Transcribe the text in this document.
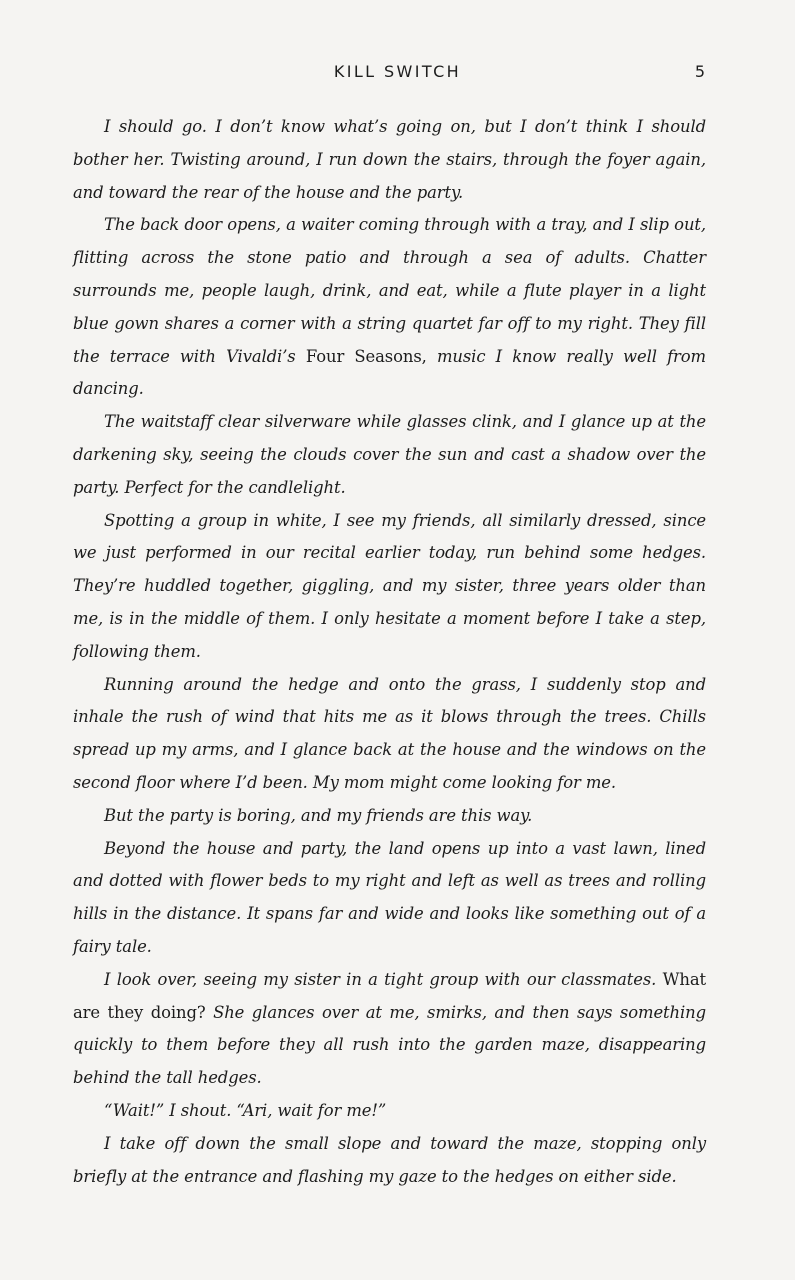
KILL SWITCH	5

I should go. I don’t know what’s going on, but I don’t think I should bother her. Twisting around, I run down the stairs, through the foyer again, and toward the rear of the house and the party.

The back door opens, a waiter coming through with a tray, and I slip out, flitting across the stone patio and through a sea of adults. Chatter surrounds me, people laugh, drink, and eat, while a flute player in a light blue gown shares a corner with a string quartet far off to my right. They fill the terrace with Vivaldi’s Four Seasons, music I know really well from dancing.

The waitstaff clear silverware while glasses clink, and I glance up at the darkening sky, seeing the clouds cover the sun and cast a shadow over the party. Perfect for the candlelight.

Spotting a group in white, I see my friends, all similarly dressed, since we just performed in our recital earlier today, run behind some hedges. They’re huddled together, giggling, and my sister, three years older than me, is in the middle of them. I only hesitate a moment before I take a step, following them.

Running around the hedge and onto the grass, I suddenly stop and inhale the rush of wind that hits me as it blows through the trees. Chills spread up my arms, and I glance back at the house and the windows on the second floor where I’d been. My mom might come looking for me.

But the party is boring, and my friends are this way.

Beyond the house and party, the land opens up into a vast lawn, lined and dotted with flower beds to my right and left as well as trees and rolling hills in the distance. It spans far and wide and looks like something out of a fairy tale.

I look over, seeing my sister in a tight group with our classmates. What are they doing? She glances over at me, smirks, and then says something quickly to them before they all rush into the garden maze, disappearing behind the tall hedges.

“Wait!” I shout. “Ari, wait for me!”

I take off down the small slope and toward the maze, stopping only briefly at the entrance and flashing my gaze to the hedges on either side.
